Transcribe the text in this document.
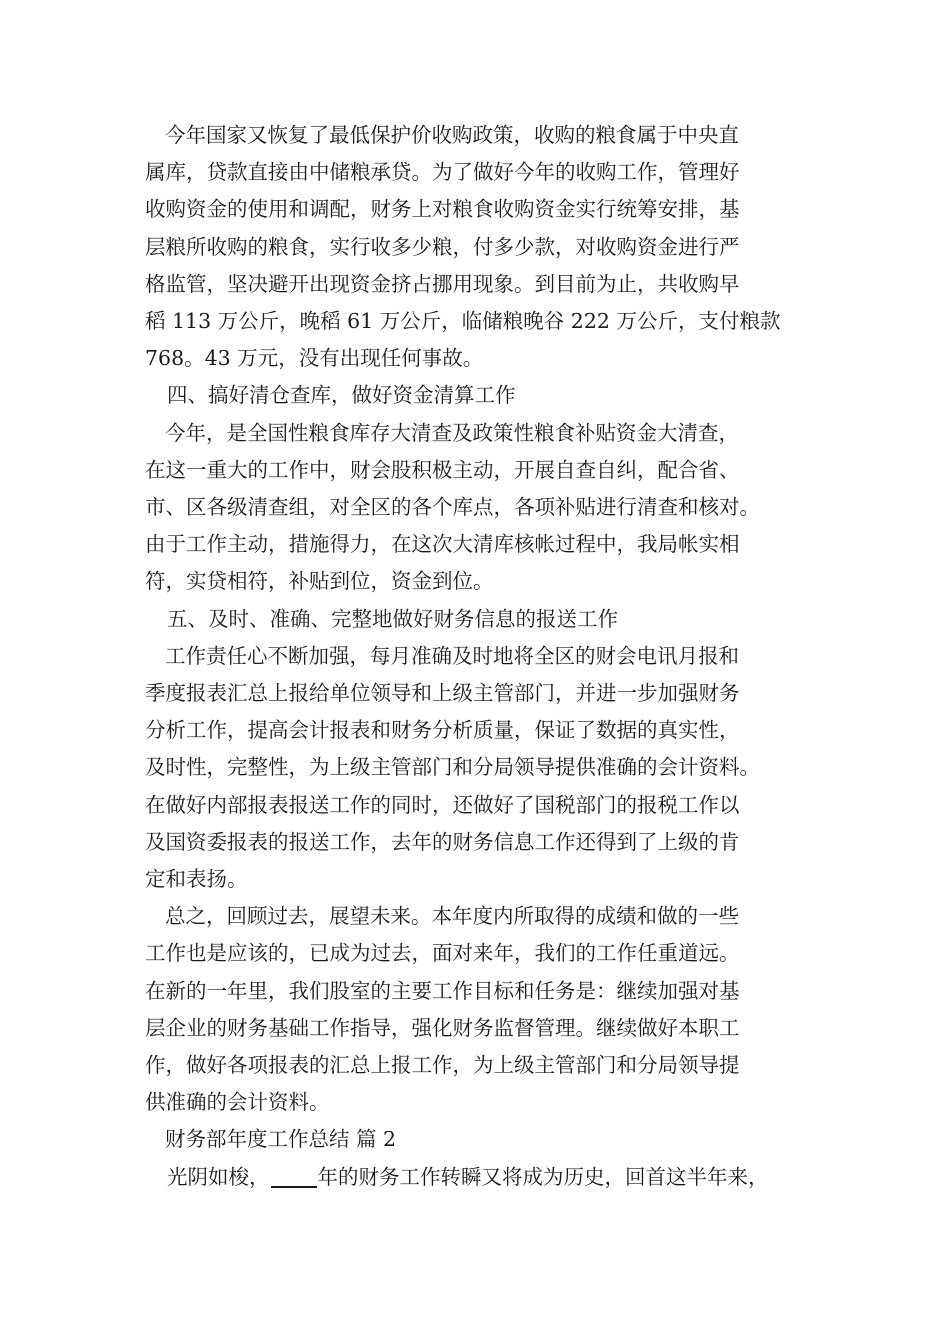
今年国家又恢复了最低保护价收购政策，收购的粮食属于中央直
属库，贷款直接由中储粮承贷。为了做好今年的收购工作，管理好
收购资金的使用和调配，财务上对粮食收购资金实行统筹安排，基
层粮所收购的粮食，实行收多少粮，付多少款，对收购资金进行严
格监管，坚决避开出现资金挤占挪用现象。到目前为止，共收购早
稻 113 万公斤，晚稻 61 万公斤，临储粮晚谷 222 万公斤，支付粮款
768。43 万元，没有出现任何事故。

四、搞好清仓查库，做好资金清算工作

今年，是全国性粮食库存大清查及政策性粮食补贴资金大清查，
在这一重大的工作中，财会股积极主动，开展自查自纠，配合省、
市、区各级清查组，对全区的各个库点，各项补贴进行清查和核对。
由于工作主动，措施得力，在这次大清库核帐过程中，我局帐实相
符，实贷相符，补贴到位，资金到位。

五、及时、准确、完整地做好财务信息的报送工作

工作责任心不断加强，每月准确及时地将全区的财会电讯月报和
季度报表汇总上报给单位领导和上级主管部门，并进一步加强财务
分析工作，提高会计报表和财务分析质量，保证了数据的真实性，
及时性，完整性，为上级主管部门和分局领导提供准确的会计资料。
在做好内部报表报送工作的同时，还做好了国税部门的报税工作以
及国资委报表的报送工作，去年的财务信息工作还得到了上级的肯
定和表扬。

总之，回顾过去，展望未来。本年度内所取得的成绩和做的一些
工作也是应该的，已成为过去，面对来年，我们的工作任重道远。
在新的一年里，我们股室的主要工作目标和任务是：继续加强对基
层企业的财务基础工作指导，强化财务监督管理。继续做好本职工
作，做好各项报表的汇总上报工作，为上级主管部门和分局领导提
供准确的会计资料。

财务部年度工作总结 篇 2

光阴如梭， 年的财务工作转瞬又将成为历史，回首这半年来，
